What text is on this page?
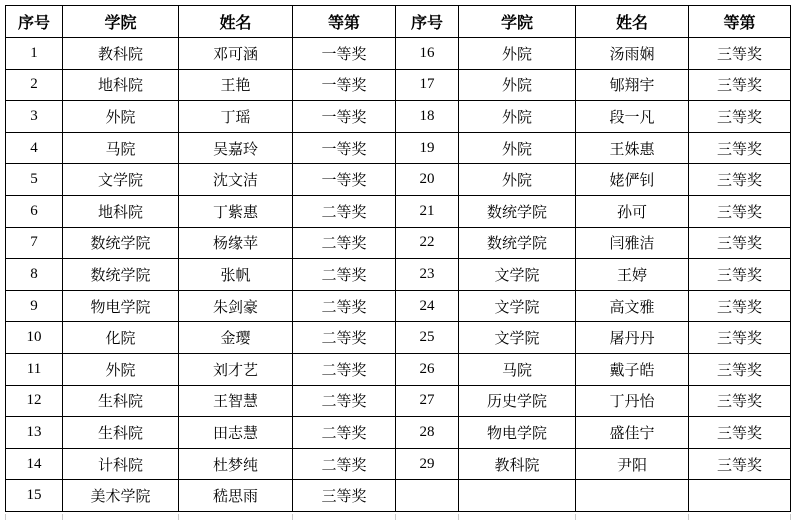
序号	学院	姓名	等第	序号	学院	姓名	等第
1	教科院	邓可涵	一等奖	16	外院	汤雨娴	三等奖
2	地科院	王艳	一等奖	17	外院	郇翔宇	三等奖
3	外院	丁瑶	一等奖	18	外院	段一凡	三等奖
4	马院	吴嘉玲	一等奖	19	外院	王姝惠	三等奖
5	文学院	沈文洁	一等奖	20	外院	姥俨钊	三等奖
6	地科院	丁紫惠	二等奖	21	数统学院	孙可	三等奖
7	数统学院	杨缘苹	二等奖	22	数统学院	闫雅洁	三等奖
8	数统学院	张帆	二等奖	23	文学院	王婷	三等奖
9	物电学院	朱剑豪	二等奖	24	文学院	高文雅	三等奖
10	化院	金璎	二等奖	25	文学院	屠丹丹	三等奖
11	外院	刘才艺	二等奖	26	马院	戴子皓	三等奖
12	生科院	王智慧	二等奖	27	历史学院	丁丹怡	三等奖
13	生科院	田志慧	二等奖	28	物电学院	盛佳宁	三等奖
14	计科院	杜梦纯	二等奖	29	教科院	尹阳	三等奖
15	美术学院	嵇思雨	三等奖				
